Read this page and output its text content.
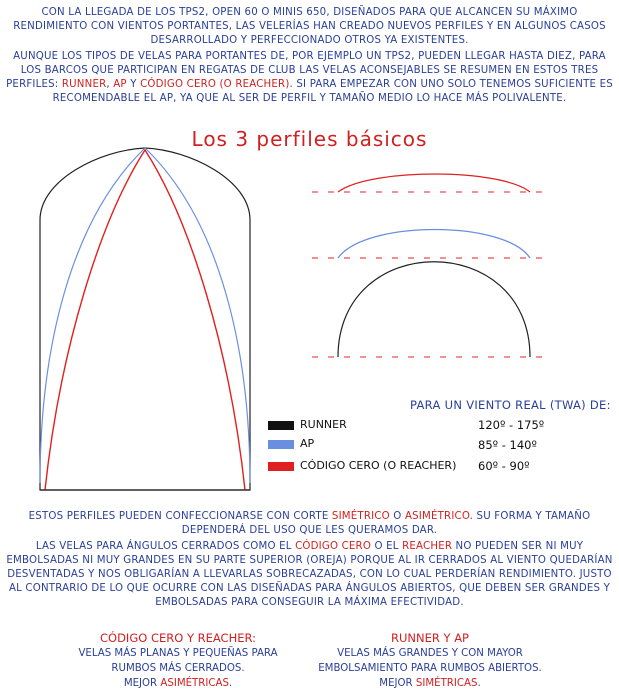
CON LA LLEGADA DE LOS TPS2, OPEN 60 O MINIS 650, DISEÑADOS PARA QUE ALCANCEN SU MÁXIMO RENDIMIENTO CON VIENTOS PORTANTES, LAS VELERÍAS HAN CREADO NUEVOS PERFILES Y EN ALGUNOS CASOS DESARROLLADO Y PERFECCIONADO OTROS YA EXISTENTES.
AUNQUE LOS TIPOS DE VELAS PARA PORTANTES DE, POR EJEMPLO UN TPS2, PUEDEN LLEGAR HASTA DIEZ, PARA LOS BARCOS QUE PARTICIPAN EN REGATAS DE CLUB LAS VELAS ACONSEJABLES SE RESUMEN EN ESTOS TRES PERFILES: RUNNER, AP Y CÓDIGO CERO (O REACHER). SI PARA EMPEZAR CON UNO SOLO TENEMOS SUFICIENTE ES RECOMENDABLE EL AP, YA QUE AL SER DE PERFIL Y TAMAÑO MEDIO LO HACE MÁS POLIVALENTE.
Los 3 perfiles básicos
RUNNER
AP
CÓDIGO CERO (O REACHER)
PARA UN VIENTO REAL (TWA) DE:
120º - 175º
85º - 140º
60º - 90º
ESTOS PERFILES PUEDEN CONFECCIONARSE CON CORTE SIMÉTRICO O ASIMÉTRICO. SU FORMA Y TAMAÑO DEPENDERÁ DEL USO QUE LES QUERAMOS DAR.
LAS VELAS PARA ÁNGULOS CERRADOS COMO EL CÓDIGO CERO O EL REACHER NO PUEDEN SER NI MUY EMBOLSADAS NI MUY GRANDES EN SU PARTE SUPERIOR (OREJA) PORQUE AL IR CERRADOS AL VIENTO QUEDARÍAN DESVENTADAS Y NOS OBLIGARÍAN A LLEVARLAS SOBRECAZADAS, CON LO CUAL PERDERÍAN RENDIMIENTO. JUSTO AL CONTRARIO DE LO QUE OCURRE CON LAS DISEÑADAS PARA ÁNGULOS ABIERTOS, QUE DEBEN SER GRANDES Y EMBOLSADAS PARA CONSEGUIR LA MÁXIMA EFECTIVIDAD.
CÓDIGO CERO Y REACHER:
VELAS MÁS PLANAS Y PEQUEÑAS PARA
RUMBOS MÁS CERRADOS.
MEJOR ASIMÉTRICAS.
RUNNER Y AP
VELAS MÁS GRANDES Y CON MAYOR
EMBOLSAMIENTO PARA RUMBOS ABIERTOS.
MEJOR SIMÉTRICAS.
